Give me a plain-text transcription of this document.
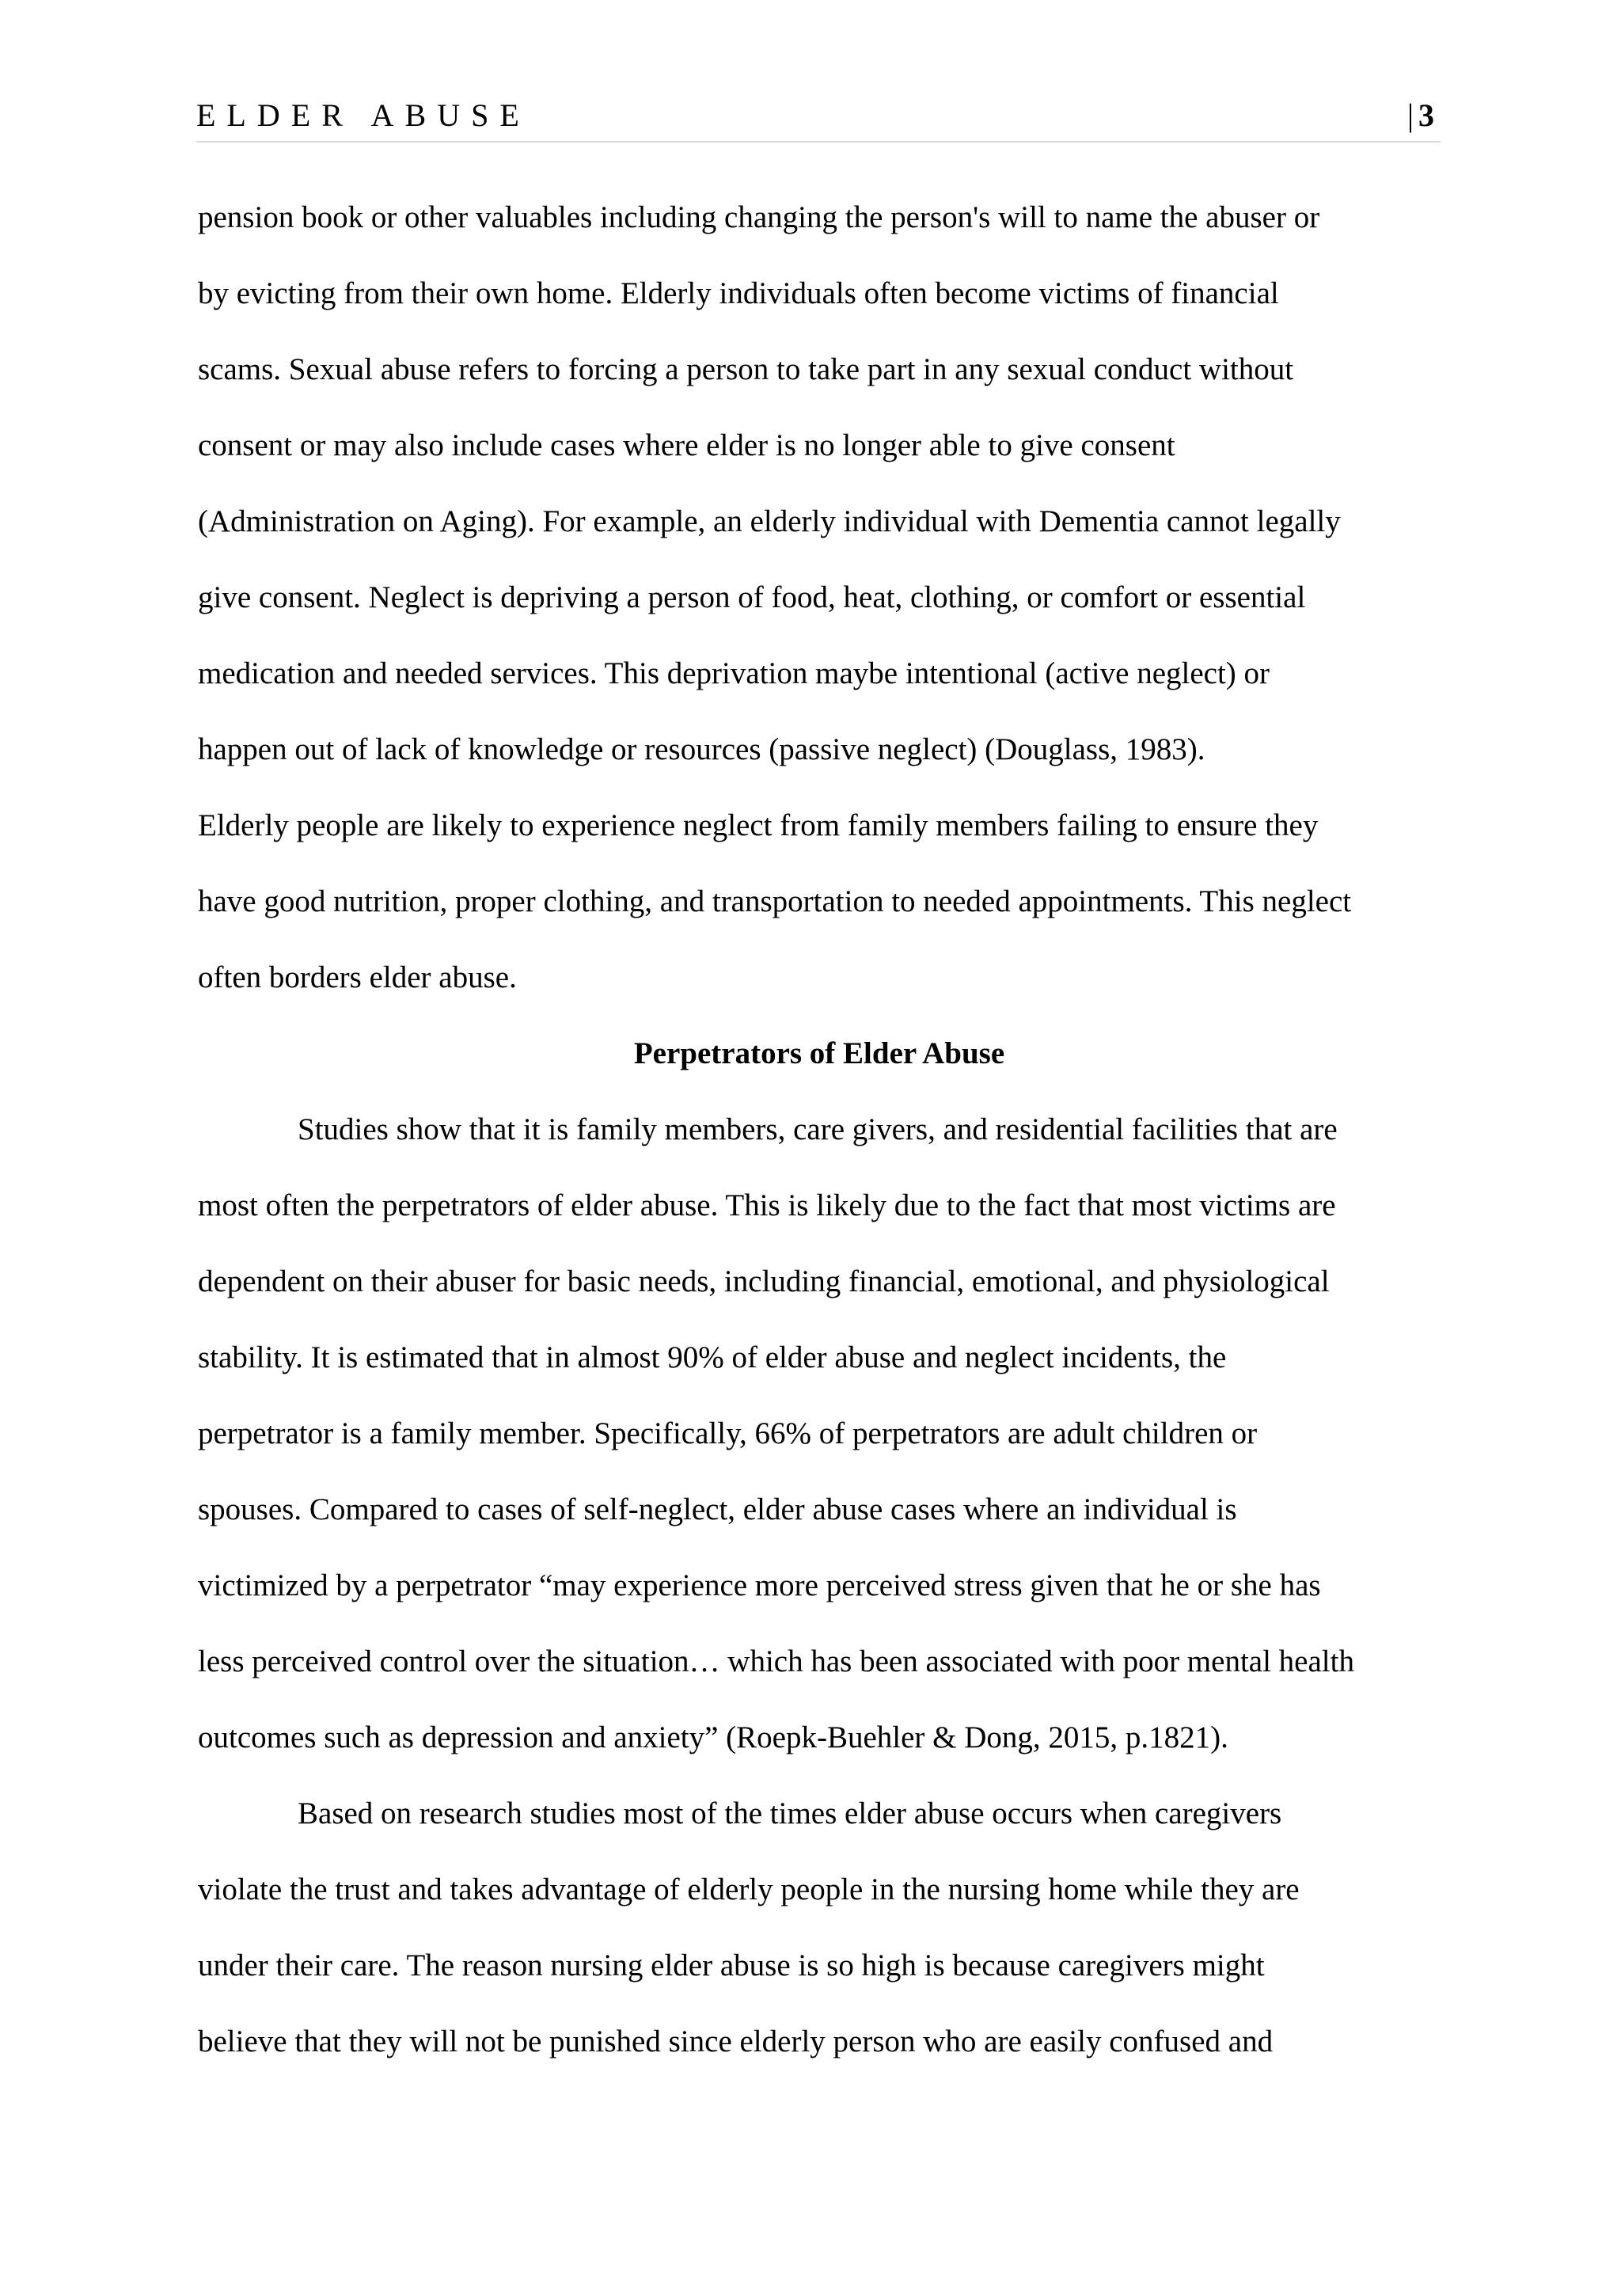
ELDER ABUSE	| 3
pension book or other valuables including changing the person's will to name the abuser or
by evicting from their own home. Elderly individuals often become victims of financial
scams. Sexual abuse refers to forcing a person to take part in any sexual conduct without
consent or may also include cases where elder is no longer able to give consent
(Administration on Aging). For example, an elderly individual with Dementia cannot legally
give consent. Neglect is depriving a person of food, heat, clothing, or comfort or essential
medication and needed services. This deprivation maybe intentional (active neglect) or
happen out of lack of knowledge or resources (passive neglect) (Douglass, 1983).
Elderly people are likely to experience neglect from family members failing to ensure they
have good nutrition, proper clothing, and transportation to needed appointments. This neglect
often borders elder abuse.
Perpetrators of Elder Abuse
Studies show that it is family members, care givers, and residential facilities that are
most often the perpetrators of elder abuse. This is likely due to the fact that most victims are
dependent on their abuser for basic needs, including financial, emotional, and physiological
stability. It is estimated that in almost 90% of elder abuse and neglect incidents, the
perpetrator is a family member. Specifically, 66% of perpetrators are adult children or
spouses. Compared to cases of self-neglect, elder abuse cases where an individual is
victimized by a perpetrator “may experience more perceived stress given that he or she has
less perceived control over the situation… which has been associated with poor mental health
outcomes such as depression and anxiety” (Roepk-Buehler & Dong, 2015, p.1821).
Based on research studies most of the times elder abuse occurs when caregivers
violate the trust and takes advantage of elderly people in the nursing home while they are
under their care. The reason nursing elder abuse is so high is because caregivers might
believe that they will not be punished since elderly person who are easily confused and
